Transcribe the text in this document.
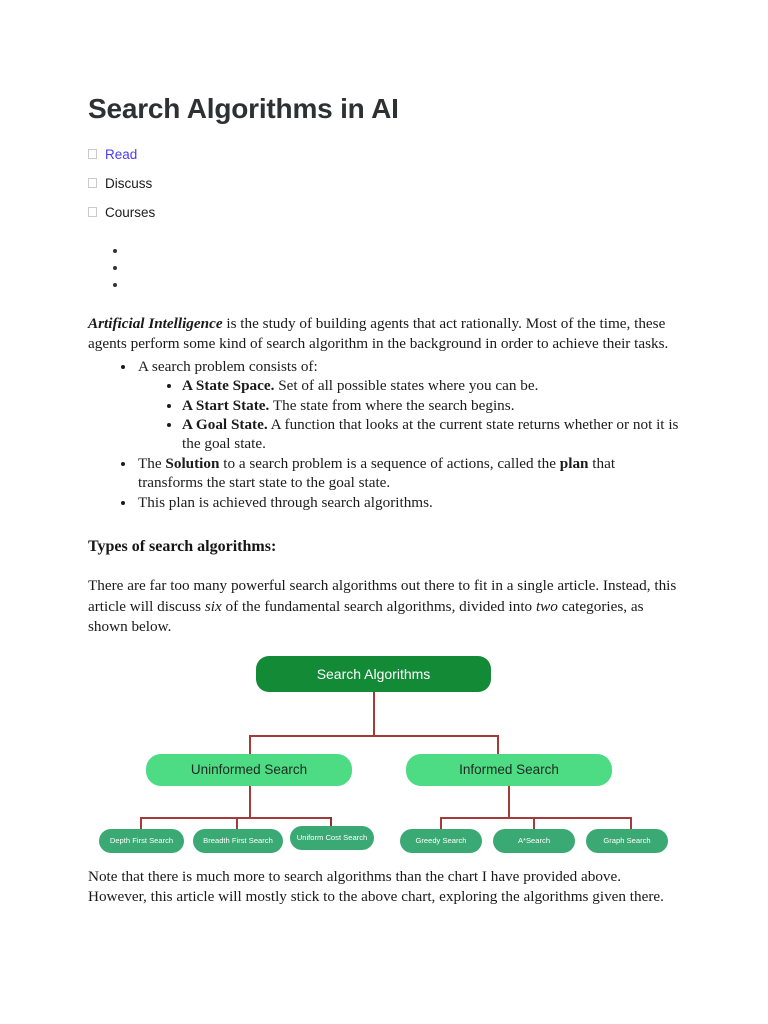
Search Algorithms in AI
Read
Discuss
Courses
•
•
•

Artificial Intelligence is the study of building agents that act rationally. Most of the time, these agents perform some kind of search algorithm in the background in order to achieve their tasks.

• A search problem consists of:
• A State Space. Set of all possible states where you can be.
• A Start State. The state from where the search begins.
• A Goal State. A function that looks at the current state returns whether or not it is the goal state.
• The Solution to a search problem is a sequence of actions, called the plan that transforms the start state to the goal state.
• This plan is achieved through search algorithms.
Types of search algorithms:

There are far too many powerful search algorithms out there to fit in a single article. Instead, this article will discuss six of the fundamental search algorithms, divided into two categories, as shown below.

Search Algorithms
Uninformed Search	Informed Search
Depth First Search	Breadth First Search	Uniform Cost Search	Greedy Search	A * Search	Graph Search

Note that there is much more to search algorithms than the chart I have provided above. However, this article will mostly stick to the above chart, exploring the algorithms given there.
